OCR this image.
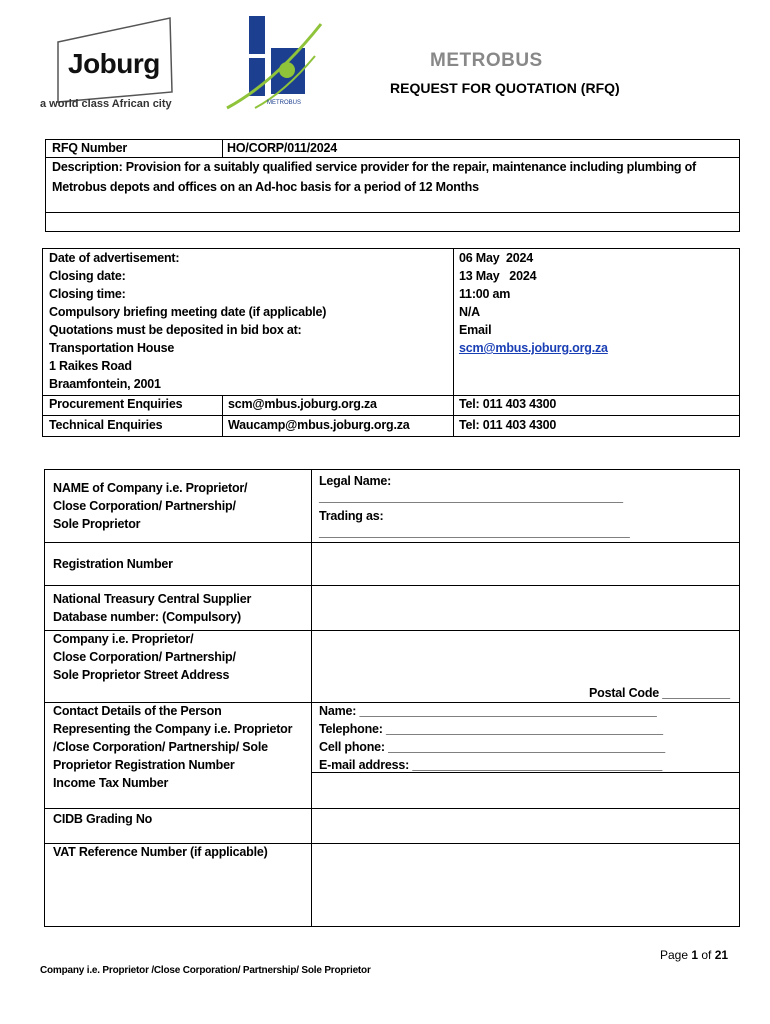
Joburg
a world class African city	METROBUS
METROBUS
REQUEST FOR QUOTATION (RFQ)
RFQ Number	HO/CORP/011/2024
Description: Provision for a suitably qualified service provider for the repair, maintenance including plumbing of
Metrobus depots and offices on an Ad-hoc basis for a period of 12 Months
Date of advertisement:
Closing date:
Closing time:
Compulsory briefing meeting date (if applicable)
Quotations must be deposited in bid box at:
Transportation House
1 Raikes Road
Braamfontein, 2001
Procurement Enquiries
Technical Enquiries
scm@mbus.joburg.org.za
Waucamp@mbus.joburg.org.za
06 May  2024
13 May   2024
11:00 am
N/A
Email
scm@mbus.joburg.org.za
Tel: 011 403 4300
Tel: 011 403 4300
NAME of Company i.e. Proprietor/
Close Corporation/ Partnership/
Sole Proprietor
Legal Name:
_____________________________________________
Trading as:
______________________________________________
Registration Number
National Treasury Central Supplier
Database number: (Compulsory)
Company i.e. Proprietor/
Close Corporation/ Partnership/
Sole Proprietor Street Address
Postal Code __________
Contact Details of the Person
Representing the Company i.e. Proprietor
/Close Corporation/ Partnership/ Sole
Proprietor Registration Number
Name: ____________________________________________
Telephone: _________________________________________
Cell phone: _________________________________________
E-mail address: _____________________________________
Income Tax Number
CIDB Grading No
VAT Reference Number (if applicable)
Page 1 of 21
Company i.e. Proprietor /Close Corporation/ Partnership/ Sole Proprietor
